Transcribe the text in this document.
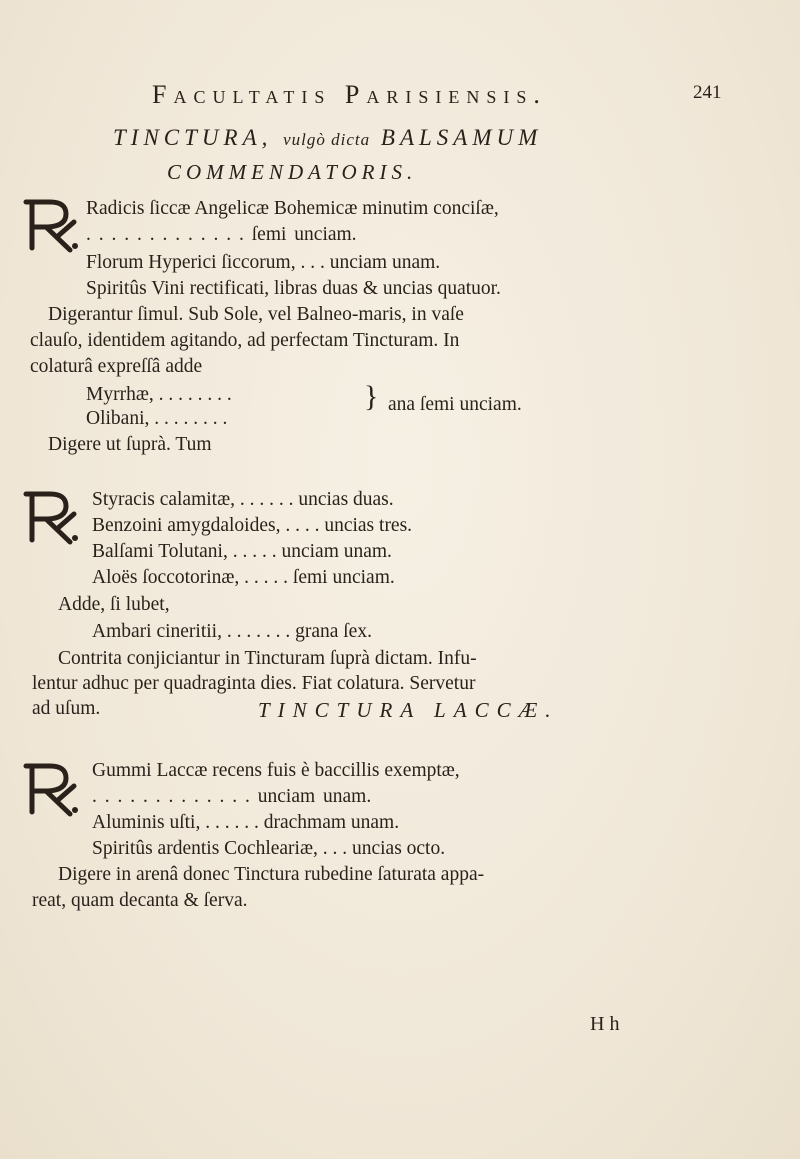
Facultatis Parisiensis.	241
TINCTURA, vulgò dicta BALSAMUM
COMMENDATORIS.
Radicis ſiccæ Angelicæ Bohemicæ minutim conciſæ,
. . . . . . . . . . . . . ſemi unciam.
Florum Hyperici ſiccorum, . . . unciam unam.
Spiritûs Vini rectificati, libras duas & uncias quatuor.
Digerantur ſimul. Sub Sole, vel Balneo-maris, in vaſe
clauſo, identidem agitando, ad perfectam Tincturam. In
colaturâ expreſſâ adde
Myrrhæ, . . . . . . . .
Olibani, . . . . . . . .
} ana ſemi unciam.
Digere ut ſuprà. Tum
Styracis calamitæ, . . . . . . uncias duas.
Benzoini amygdaloides, . . . . uncias tres.
Balſami Tolutani, . . . . . unciam unam.
Aloës ſoccotorinæ, . . . . . ſemi unciam.
Adde, ſi lubet,
Ambari cineritii, . . . . . . . grana ſex.
Contrita conjiciantur in Tincturam ſuprà dictam. Infu-
lentur adhuc per quadraginta dies. Fiat colatura. Servetur
TINCTURA LACCÆ.
Gummi Laccæ recens fuis è baccillis exemptæ,
. . . . . . . . . . . . . unciam unam.
Aluminis uſti, . . . . . . drachmam unam.
Spiritûs ardentis Cochleariæ, . . . uncias octo.
Digere in arenâ donec Tinctura rubedine ſaturata appa-
reat, quam decanta & ſerva.
H h
ad uſum.
